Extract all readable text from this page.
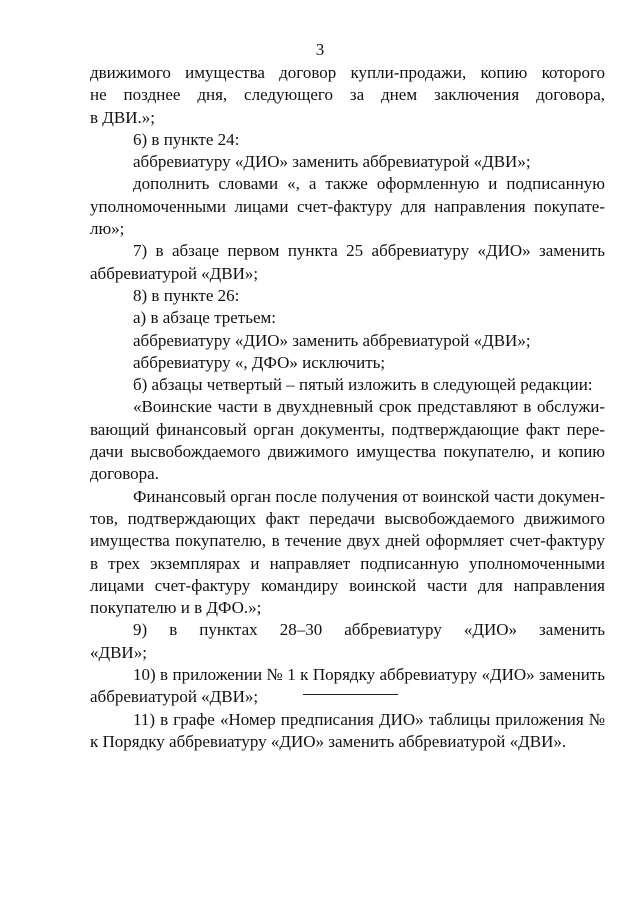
3
движимого имущества договор купли-продажи, копию которого
не позднее дня, следующего за днем заключения договора,
в ДВИ.»;
6) в пункте 24:
аббревиатуру «ДИО» заменить аббревиатурой «ДВИ»;
дополнить словами «, а также оформленную и подписанную
уполномоченными лицами счет-фактуру для направления покупате-
лю»;
7) в абзаце первом пункта 25 аббревиатуру «ДИО» заменить
аббревиатурой «ДВИ»;
8) в пункте 26:
а) в абзаце третьем:
аббревиатуру «ДИО» заменить аббревиатурой «ДВИ»;
аббревиатуру «, ДФО» исключить;
б) абзацы четвертый – пятый изложить в следующей редакции:
«Воинские части в двухдневный срок представляют в обслужи-
вающий финансовый орган документы, подтверждающие факт пере-
дачи высвобождаемого движимого имущества покупателю, и копию
договора.
Финансовый орган после получения от воинской части докумен-
тов, подтверждающих факт передачи высвобождаемого движимого
имущества покупателю, в течение двух дней оформляет счет-фактуру
в трех экземплярах и направляет подписанную уполномоченными
лицами счет-фактуру командиру воинской части для направления
покупателю и в ДФО.»;
9) в пунктах 28–30 аббревиатуру «ДИО» заменить
«ДВИ»;
10) в приложении № 1 к Порядку аббревиатуру «ДИО» заменить
аббревиатурой «ДВИ»;
11) в графе «Номер предписания ДИО» таблицы приложения №
к Порядку аббревиатуру «ДИО» заменить аббревиатурой «ДВИ».
